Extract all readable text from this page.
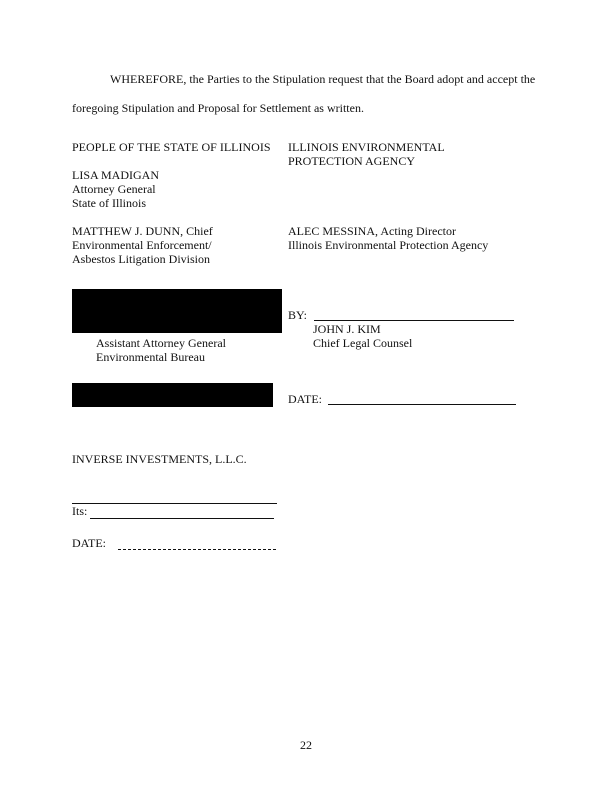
WHEREFORE, the Parties to the Stipulation request that the Board adopt and accept the
foregoing Stipulation and Proposal for Settlement as written.
PEOPLE OF THE STATE OF ILLINOIS ILLINOIS ENVIRONMENTAL
PROTECTION AGENCY
LISA MADIGAN
Attorney General
State of Illinois
MATTHEW J. DUNN, Chief
Environmental Enforcement/
Asbestos Litigation Division
ALEC MESSINA, Acting Director
Illinois Environmental Protection Agency
BY:
JOHN J. KIM
Chief Legal Counsel
Assistant Attorney General
Environmental Bureau
DATE:
INVERSE INVESTMENTS, L.L.C.
Its:
DATE:
22
